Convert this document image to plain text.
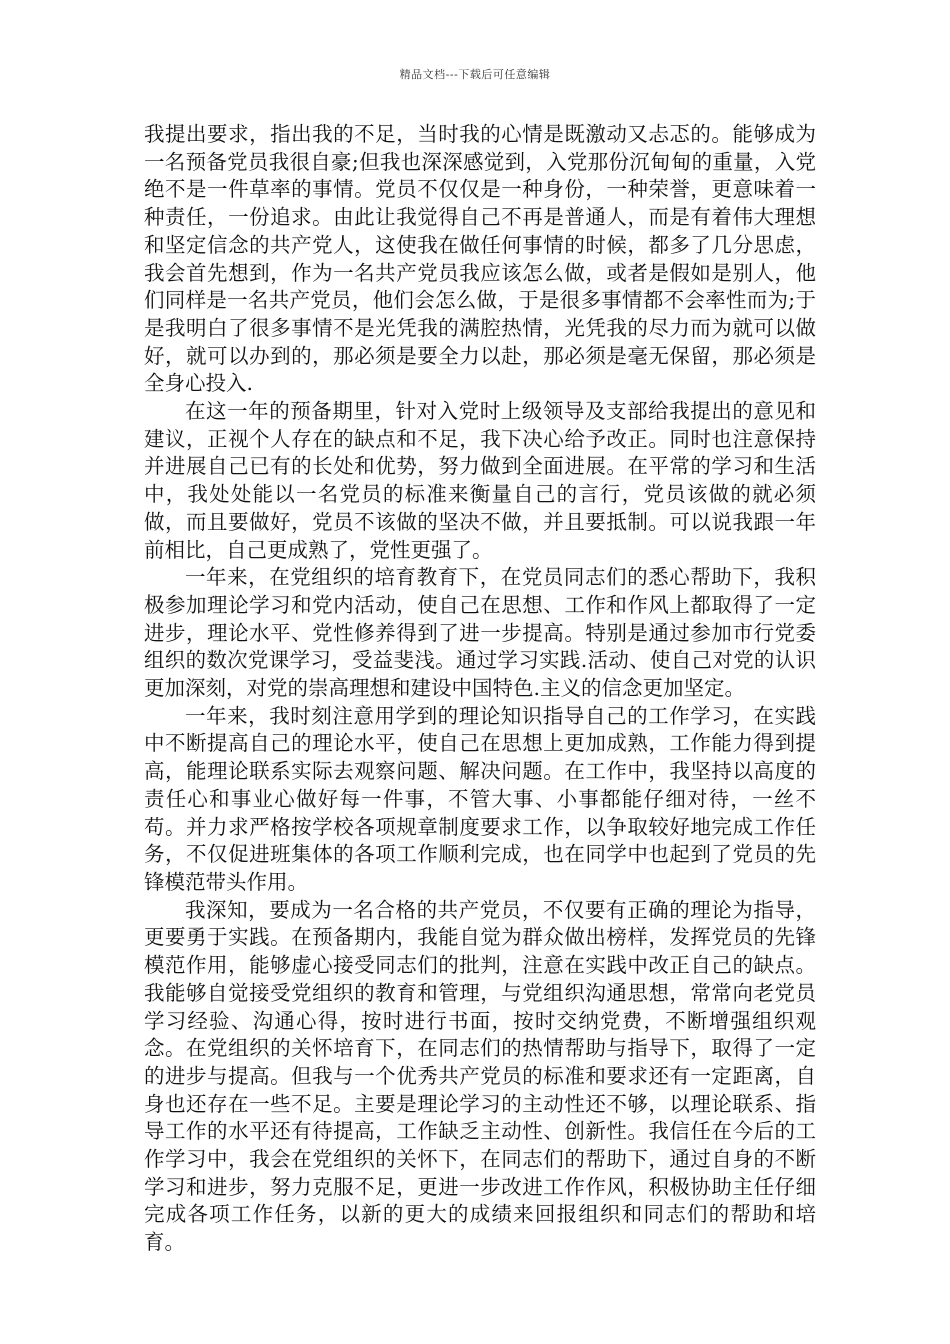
精品文档---下载后可任意编辑

我提出要求，指出我的不足，当时我的心情是既激动又忐忑的。能够成为一名预备党员我很自豪;但我也深深感觉到，入党那份沉甸甸的重量，入党绝不是一件草率的事情。党员不仅仅是一种身份，一种荣誉，更意味着一种责任，一份追求。由此让我觉得自己不再是普通人，而是有着伟大理想和坚定信念的共产党人，这使我在做任何事情的时候，都多了几分思虑，我会首先想到，作为一名共产党员我应该怎么做，或者是假如是别人，他们同样是一名共产党员，他们会怎么做，于是很多事情都不会率性而为;于是我明白了很多事情不是光凭我的满腔热情，光凭我的尽力而为就可以做好，就可以办到的，那必须是要全力以赴，那必须是毫无保留，那必须是全身心投入.

在这一年的预备期里，针对入党时上级领导及支部给我提出的意见和建议，正视个人存在的缺点和不足，我下决心给予改正。同时也注意保持并进展自己已有的长处和优势，努力做到全面进展。在平常的学习和生活中，我处处能以一名党员的标准来衡量自己的言行，党员该做的就必须做，而且要做好，党员不该做的坚决不做，并且要抵制。可以说我跟一年前相比，自己更成熟了，党性更强了。

一年来，在党组织的培育教育下，在党员同志们的悉心帮助下，我积极参加理论学习和党内活动，使自己在思想、工作和作风上都取得了一定进步，理论水平、党性修养得到了进一步提高。特别是通过参加市行党委组织的数次党课学习，受益斐浅。通过学习实践.活动、使自己对党的认识更加深刻，对党的崇高理想和建设中国特色.主义的信念更加坚定。

一年来，我时刻注意用学到的理论知识指导自己的工作学习，在实践中不断提高自己的理论水平，使自己在思想上更加成熟，工作能力得到提高，能理论联系实际去观察问题、解决问题。在工作中，我坚持以高度的责任心和事业心做好每一件事，不管大事、小事都能仔细对待，一丝不苟。并力求严格按学校各项规章制度要求工作，以争取较好地完成工作任务，不仅促进班集体的各项工作顺利完成，也在同学中也起到了党员的先锋模范带头作用。

我深知，要成为一名合格的共产党员，不仅要有正确的理论为指导，更要勇于实践。在预备期内，我能自觉为群众做出榜样，发挥党员的先锋模范作用，能够虚心接受同志们的批判，注意在实践中改正自己的缺点。我能够自觉接受党组织的教育和管理，与党组织沟通思想，常常向老党员学习经验、沟通心得，按时进行书面，按时交纳党费，不断增强组织观念。在党组织的关怀培育下，在同志们的热情帮助与指导下，取得了一定的进步与提高。但我与一个优秀共产党员的标准和要求还有一定距离，自身也还存在一些不足。主要是理论学习的主动性还不够，以理论联系、指导工作的水平还有待提高，工作缺乏主动性、创新性。我信任在今后的工作学习中，我会在党组织的关怀下，在同志们的帮助下，通过自身的不断学习和进步，努力克服不足，更进一步改进工作作风，积极协助主任仔细完成各项工作任务，以新的更大的成绩来回报组织和同志们的帮助和培育。
